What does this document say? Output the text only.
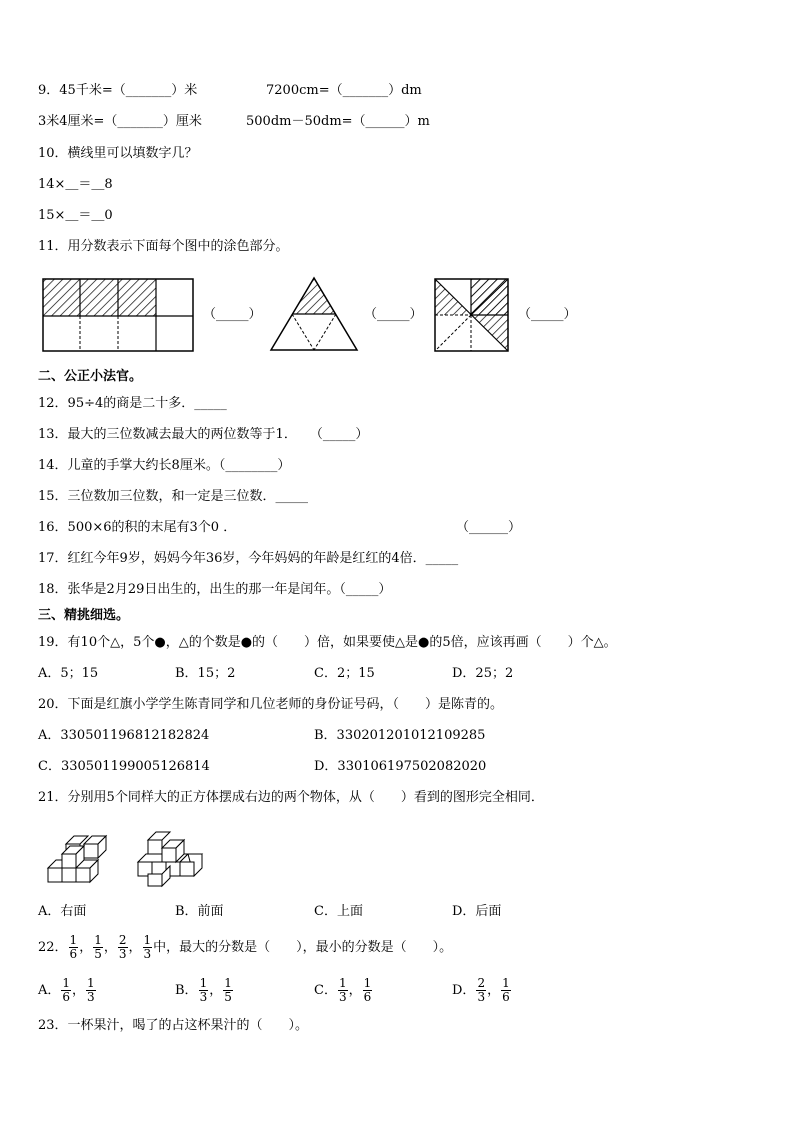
9．45千米=（_______）米	7200cm=（_______）dm
3米4厘米=（_______）厘米	500dm－50dm=（______）m
10．横线里可以填数字几？
14×＿＝＿8
15×＿＝＿0
11．用分数表示下面每个图中的涂色部分。
（_____）	（_____）	（_____）
二、公正小法官。
12．95÷4的商是二十多．_____
13．最大的三位数减去最大的两位数等于1．　　（_____）
14．儿童的手掌大约长8厘米。（________）
15．三位数加三位数，和一定是三位数．_____
16．500×6的积的末尾有3个0 ．	（______）
17．红红今年9岁，妈妈今年36岁，今年妈妈的年龄是红红的4倍．_____
18．张华是2月29日出生的，出生的那一年是闰年。（_____）
三、精挑细选。
19．有10个△，5个●，△的个数是●的（　　）倍，如果要使△是●的5倍，应该再画（　　）个△。
A．5；15	B．15；2	C．2；15	D．25；2
20．下面是红旗小学学生陈青同学和几位老师的身份证号码，（　　）是陈青的。
A．330501196812182824	B．330201201012109285
C．330501199005126814	D．330106197502082020
21．分别用5个同样大的正方体摆成右边的两个物体，从（　　）看到的图形完全相同．
A．右面	B．前面	C．上面	D．后面
22． $\frac{1}{6}$ ， $\frac{1}{5}$ ， $\frac{2}{3}$ ， $\frac{1}{3}$ 中，最大的分数是（　　），最小的分数是（　　）。
A． $\frac{1}{6}$ ， $\frac{1}{3}$	B． $\frac{1}{3}$ ， $\frac{1}{5}$	C． $\frac{1}{3}$ ， $\frac{1}{6}$	D． $\frac{2}{3}$ ， $\frac{1}{6}$
23．一杯果汁，喝了的占这杯果汁的（　　）。
